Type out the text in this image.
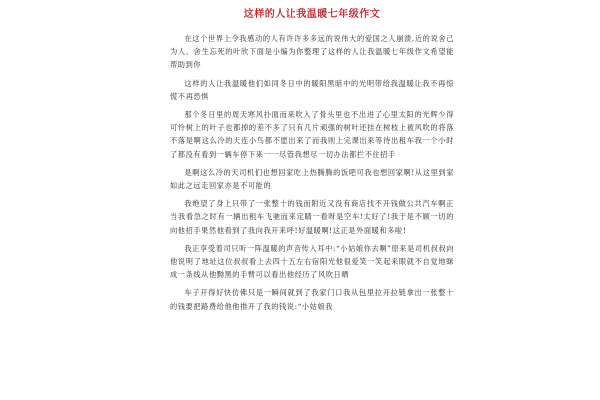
这样的人让我温暖七年级作文

在这个世界上令我感动的人有许许多多远的说伟大的爱国之人崩溃,近的说舍己为人、舍生忘死的叶欣下面是小编为你整理了这样的人让我温暖七年级作文希望能帮助到你

这样的人让我温暖他们如同冬日中的暖阳黑暗中的光明带给我温暖让我不再惊慌不再恐惧

那个冬日里的周天寒风扑面而来吹入了骨头里也不出进了心里太阳的光辉少得可怜树上的叶子也都掉的差不多了只有几片顽强的树叶还挂在树枝上被风吹的将落不落是啊这么冷的天连小鸟都不愿出来了而我则上完课出来等待出租车我一个小时了都没有看到一辆车停下来一一尽管我想尽一切办法都拦不住招手

是啊这么冷的天司机们也想回家吃上热腾腾的饭吧可我也想回家啊!从这里到家如此之远走回家亦是不可能的

我绝望了身上只带了一张整十的钱而附近又没有商店找不开钱做公共汽车啊正当我看急之时有一辆出租车飞驰而来定睛一看呀是空车!太好了!我于是不顾一切的向他招手果然他看到了我向我开来呼!好温暖啊!这正是外面暖和多啦!

我正享受着司只听一阵温暖的声音传入耳中:“小姑娘你去啊”原来是司机叔叔向他说明了地址这位叔叔看上去四十五左右宿阳光他很爱笑一笑起来眼就不自觉地眯成一条线从他黝黑的手臂可以看出他经历了风吹日晒

车子开得好快仿佛只是一瞬间就到了我家门口我从包里拉开拉链拿出一张整十的钱要把路费给他他推开了我的钱说:“小姑娘我
